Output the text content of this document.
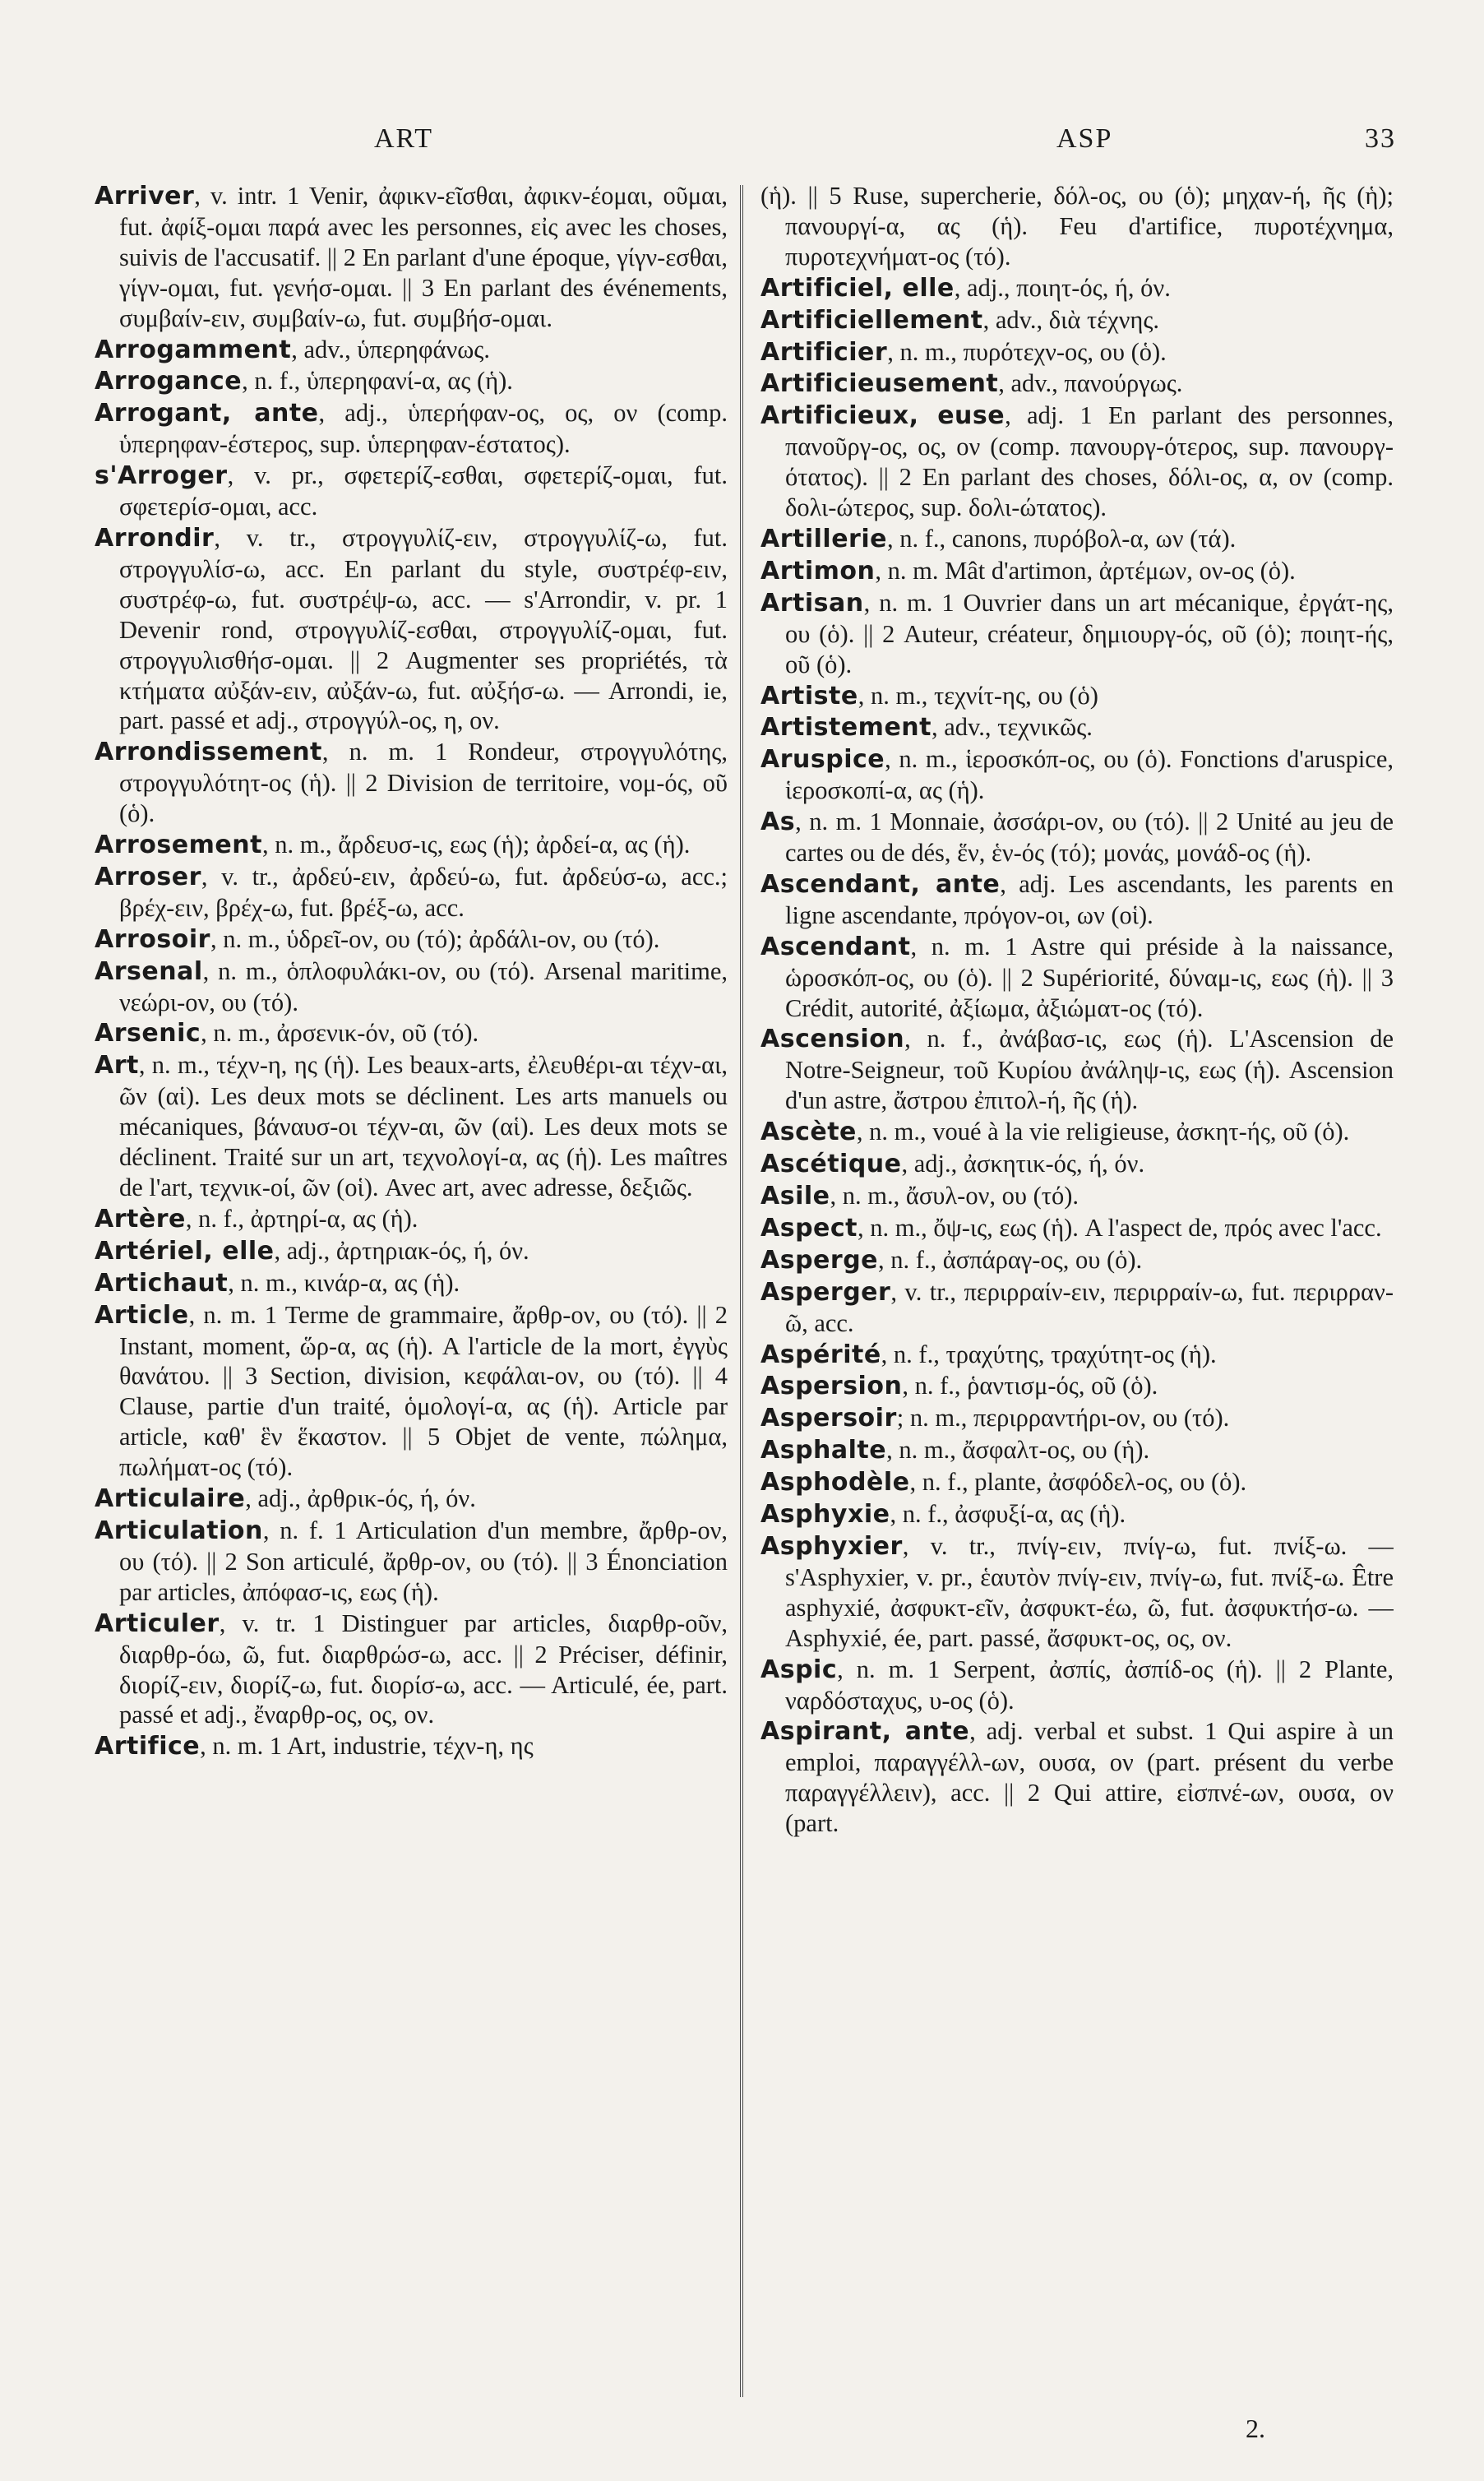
ART	ASP	33
Arriver, v. intr. 1 Venir, ἀφικν-εῖσθαι, ἀφικν-έομαι, οῦμαι, fut. ἀφίξ-ομαι παρά avec les personnes, εἰς avec les choses, suivis de l'accusatif. || 2 En parlant d'une époque, γίγν-εσθαι, γίγν-ομαι, fut. γενήσ-ομαι. || 3 En parlant des événements, συμβαίν-ειν, συμβαίν-ω, fut. συμβήσ-ομαι.
Arrogamment, adv., ὑπερηφάνως.
Arrogance, n. f., ὑπερηφανί-α, ας (ἡ).
Arrogant, ante, adj., ὑπερήφαν-ος, ος, ον (comp. ὑπερηφαν-έστερος, sup. ὑπερηφαν-έστατος).
s'Arroger, v. pr., σφετερίζ-εσθαι, σφετερίζ-ομαι, fut. σφετερίσ-ομαι, acc.
Arrondir, v. tr., στρογγυλίζ-ειν, στρογγυλίζ-ω, fut. στρογγυλίσ-ω, acc. En parlant du style, συστρέφ-ειν, συστρέφ-ω, fut. συστρέψ-ω, acc. — s'Arrondir, v. pr. 1 Devenir rond, στρογγυλίζ-εσθαι, στρογγυλίζ-ομαι, fut. στρογγυλισθήσ-ομαι. || 2 Augmenter ses propriétés, τὰ κτήματα αὐξάν-ειν, αὐξάν-ω, fut. αὐξήσ-ω. — Arrondi, ie, part. passé et adj., στρογγύλ-ος, η, ον.
Arrondissement, n. m. 1 Rondeur, στρογγυλότης, στρογγυλότητ-ος (ἡ). || 2 Division de territoire, νομ-ός, οῦ (ὁ).
Arrosement, n. m., ἄρδευσ-ις, εως (ἡ); ἀρδεί-α, ας (ἡ).
Arroser, v. tr., ἀρδεύ-ειν, ἀρδεύ-ω, fut. ἀρδεύσ-ω, acc.; βρέχ-ειν, βρέχ-ω, fut. βρέξ-ω, acc.
Arrosoir, n. m., ὑδρεῖ-ον, ου (τό); ἀρδάλι-ον, ου (τό).
Arsenal, n. m., ὁπλοφυλάκι-ον, ου (τό). Arsenal maritime, νεώρι-ον, ου (τό).
Arsenic, n. m., ἀρσενικ-όν, οῦ (τό).
Art, n. m., τέχν-η, ης (ἡ). Les beaux-arts, ἐλευθέρι-αι τέχν-αι, ῶν (αἱ). Les deux mots se déclinent. Les arts manuels ou mécaniques, βάναυσ-οι τέχν-αι, ῶν (αἱ). Les deux mots se déclinent. Traité sur un art, τεχνολογί-α, ας (ἡ). Les maîtres de l'art, τεχνικ-οί, ῶν (οἱ). Avec art, avec adresse, δεξιῶς.
Artère, n. f., ἀρτηρί-α, ας (ἡ).
Artériel, elle, adj., ἀρτηριακ-ός, ή, όν.
Artichaut, n. m., κινάρ-α, ας (ἡ).
Article, n. m. 1 Terme de grammaire, ἄρθρ-ον, ου (τό). || 2 Instant, moment, ὥρ-α, ας (ἡ). A l'article de la mort, ἐγγὺς θανάτου. || 3 Section, division, κεφάλαι-ον, ου (τό). || 4 Clause, partie d'un traité, ὁμολογί-α, ας (ἡ). Article par article, καθ' ἓν ἕκαστον. || 5 Objet de vente, πώλημα, πωλήματ-ος (τό).
Articulaire, adj., ἀρθρικ-ός, ή, όν.
Articulation, n. f. 1 Articulation d'un membre, ἄρθρ-ον, ου (τό). || 2 Son articulé, ἄρθρ-ον, ου (τό). || 3 Énonciation par articles, ἀπόφασ-ις, εως (ἡ).
Articuler, v. tr. 1 Distinguer par articles, διαρθρ-οῦν, διαρθρ-όω, ῶ, fut. διαρθρώσ-ω, acc. || 2 Préciser, définir, διορίζ-ειν, διορίζ-ω, fut. διορίσ-ω, acc. — Articulé, ée, part. passé et adj., ἔναρθρ-ος, ος, ον.
Artifice, n. m. 1 Art, industrie, τέχν-η, ης
(ἡ). || 5 Ruse, supercherie, δόλ-ος, ου (ὁ); μηχαν-ή, ῆς (ἡ); πανουργί-α, ας (ἡ). Feu d'artifice, πυροτέχνημα, πυροτεχνήματ-ος (τό).
Artificiel, elle, adj., ποιητ-ός, ή, όν.
Artificiellement, adv., διὰ τέχνης.
Artificier, n. m., πυρότεχν-ος, ου (ὁ).
Artificieusement, adv., πανούργως.
Artificieux, euse, adj. 1 En parlant des personnes, πανοῦργ-ος, ος, ον (comp. πανουργ-ότερος, sup. πανουργ-ότατος). || 2 En parlant des choses, δόλι-ος, α, ον (comp. δολι-ώτερος, sup. δολι-ώτατος).
Artillerie, n. f., canons, πυρόβολ-α, ων (τά).
Artimon, n. m. Mât d'artimon, ἀρτέμων, ον-ος (ὁ).
Artisan, n. m. 1 Ouvrier dans un art mécanique, ἐργάτ-ης, ου (ὁ). || 2 Auteur, créateur, δημιουργ-ός, οῦ (ὁ); ποιητ-ής, οῦ (ὁ).
Artiste, n. m., τεχνίτ-ης, ου (ὁ)
Artistement, adv., τεχνικῶς.
Aruspice, n. m., ἱεροσκόπ-ος, ου (ὁ). Fonctions d'aruspice, ἱεροσκοπί-α, ας (ἡ).
As, n. m. 1 Monnaie, ἀσσάρι-ον, ου (τό). || 2 Unité au jeu de cartes ou de dés, ἕν, ἑν-ός (τό); μονάς, μονάδ-ος (ἡ).
Ascendant, ante, adj. Les ascendants, les parents en ligne ascendante, πρόγον-οι, ων (οἱ).
Ascendant, n. m. 1 Astre qui préside à la naissance, ὡροσκόπ-ος, ου (ὁ). || 2 Supériorité, δύναμ-ις, εως (ἡ). || 3 Crédit, autorité, ἀξίωμα, ἀξιώματ-ος (τό).
Ascension, n. f., ἀνάβασ-ις, εως (ἡ). L'Ascension de Notre-Seigneur, τοῦ Κυρίου ἀνάληψ-ις, εως (ἡ). Ascension d'un astre, ἄστρου ἐπιτολ-ή, ῆς (ἡ).
Ascète, n. m., voué à la vie religieuse, ἀσκητ-ής, οῦ (ὁ).
Ascétique, adj., ἀσκητικ-ός, ή, όν.
Asile, n. m., ἄσυλ-ον, ου (τό).
Aspect, n. m., ὄψ-ις, εως (ἡ). A l'aspect de, πρός avec l'acc.
Asperge, n. f., ἀσπάραγ-ος, ου (ὁ).
Asperger, v. tr., περιρραίν-ειν, περιρραίν-ω, fut. περιρραν-ῶ, acc.
Aspérité, n. f., τραχύτης, τραχύτητ-ος (ἡ).
Aspersion, n. f., ῥαντισμ-ός, οῦ (ὁ).
Aspersoir; n. m., περιρραντήρι-ον, ου (τό).
Asphalte, n. m., ἄσφαλτ-ος, ου (ἡ).
Asphodèle, n. f., plante, ἀσφόδελ-ος, ου (ὁ).
Asphyxie, n. f., ἀσφυξί-α, ας (ἡ).
Asphyxier, v. tr., πνίγ-ειν, πνίγ-ω, fut. πνίξ-ω. — s'Asphyxier, v. pr., ἑαυτὸν πνίγ-ειν, πνίγ-ω, fut. πνίξ-ω. Être asphyxié, ἀσφυκτ-εῖν, ἀσφυκτ-έω, ῶ, fut. ἀσφυκτήσ-ω. — Asphyxié, ée, part. passé, ἄσφυκτ-ος, ος, ον.
Aspic, n. m. 1 Serpent, ἀσπίς, ἀσπίδ-ος (ἡ). || 2 Plante, ναρδόσταχυς, υ-ος (ὁ).
Aspirant, ante, adj. verbal et subst. 1 Qui aspire à un emploi, παραγγέλλ-ων, ουσα, ον (part. présent du verbe παραγγέλλειν), acc. || 2 Qui attire, εἰσπνέ-ων, ουσα, ον (part.
2.
